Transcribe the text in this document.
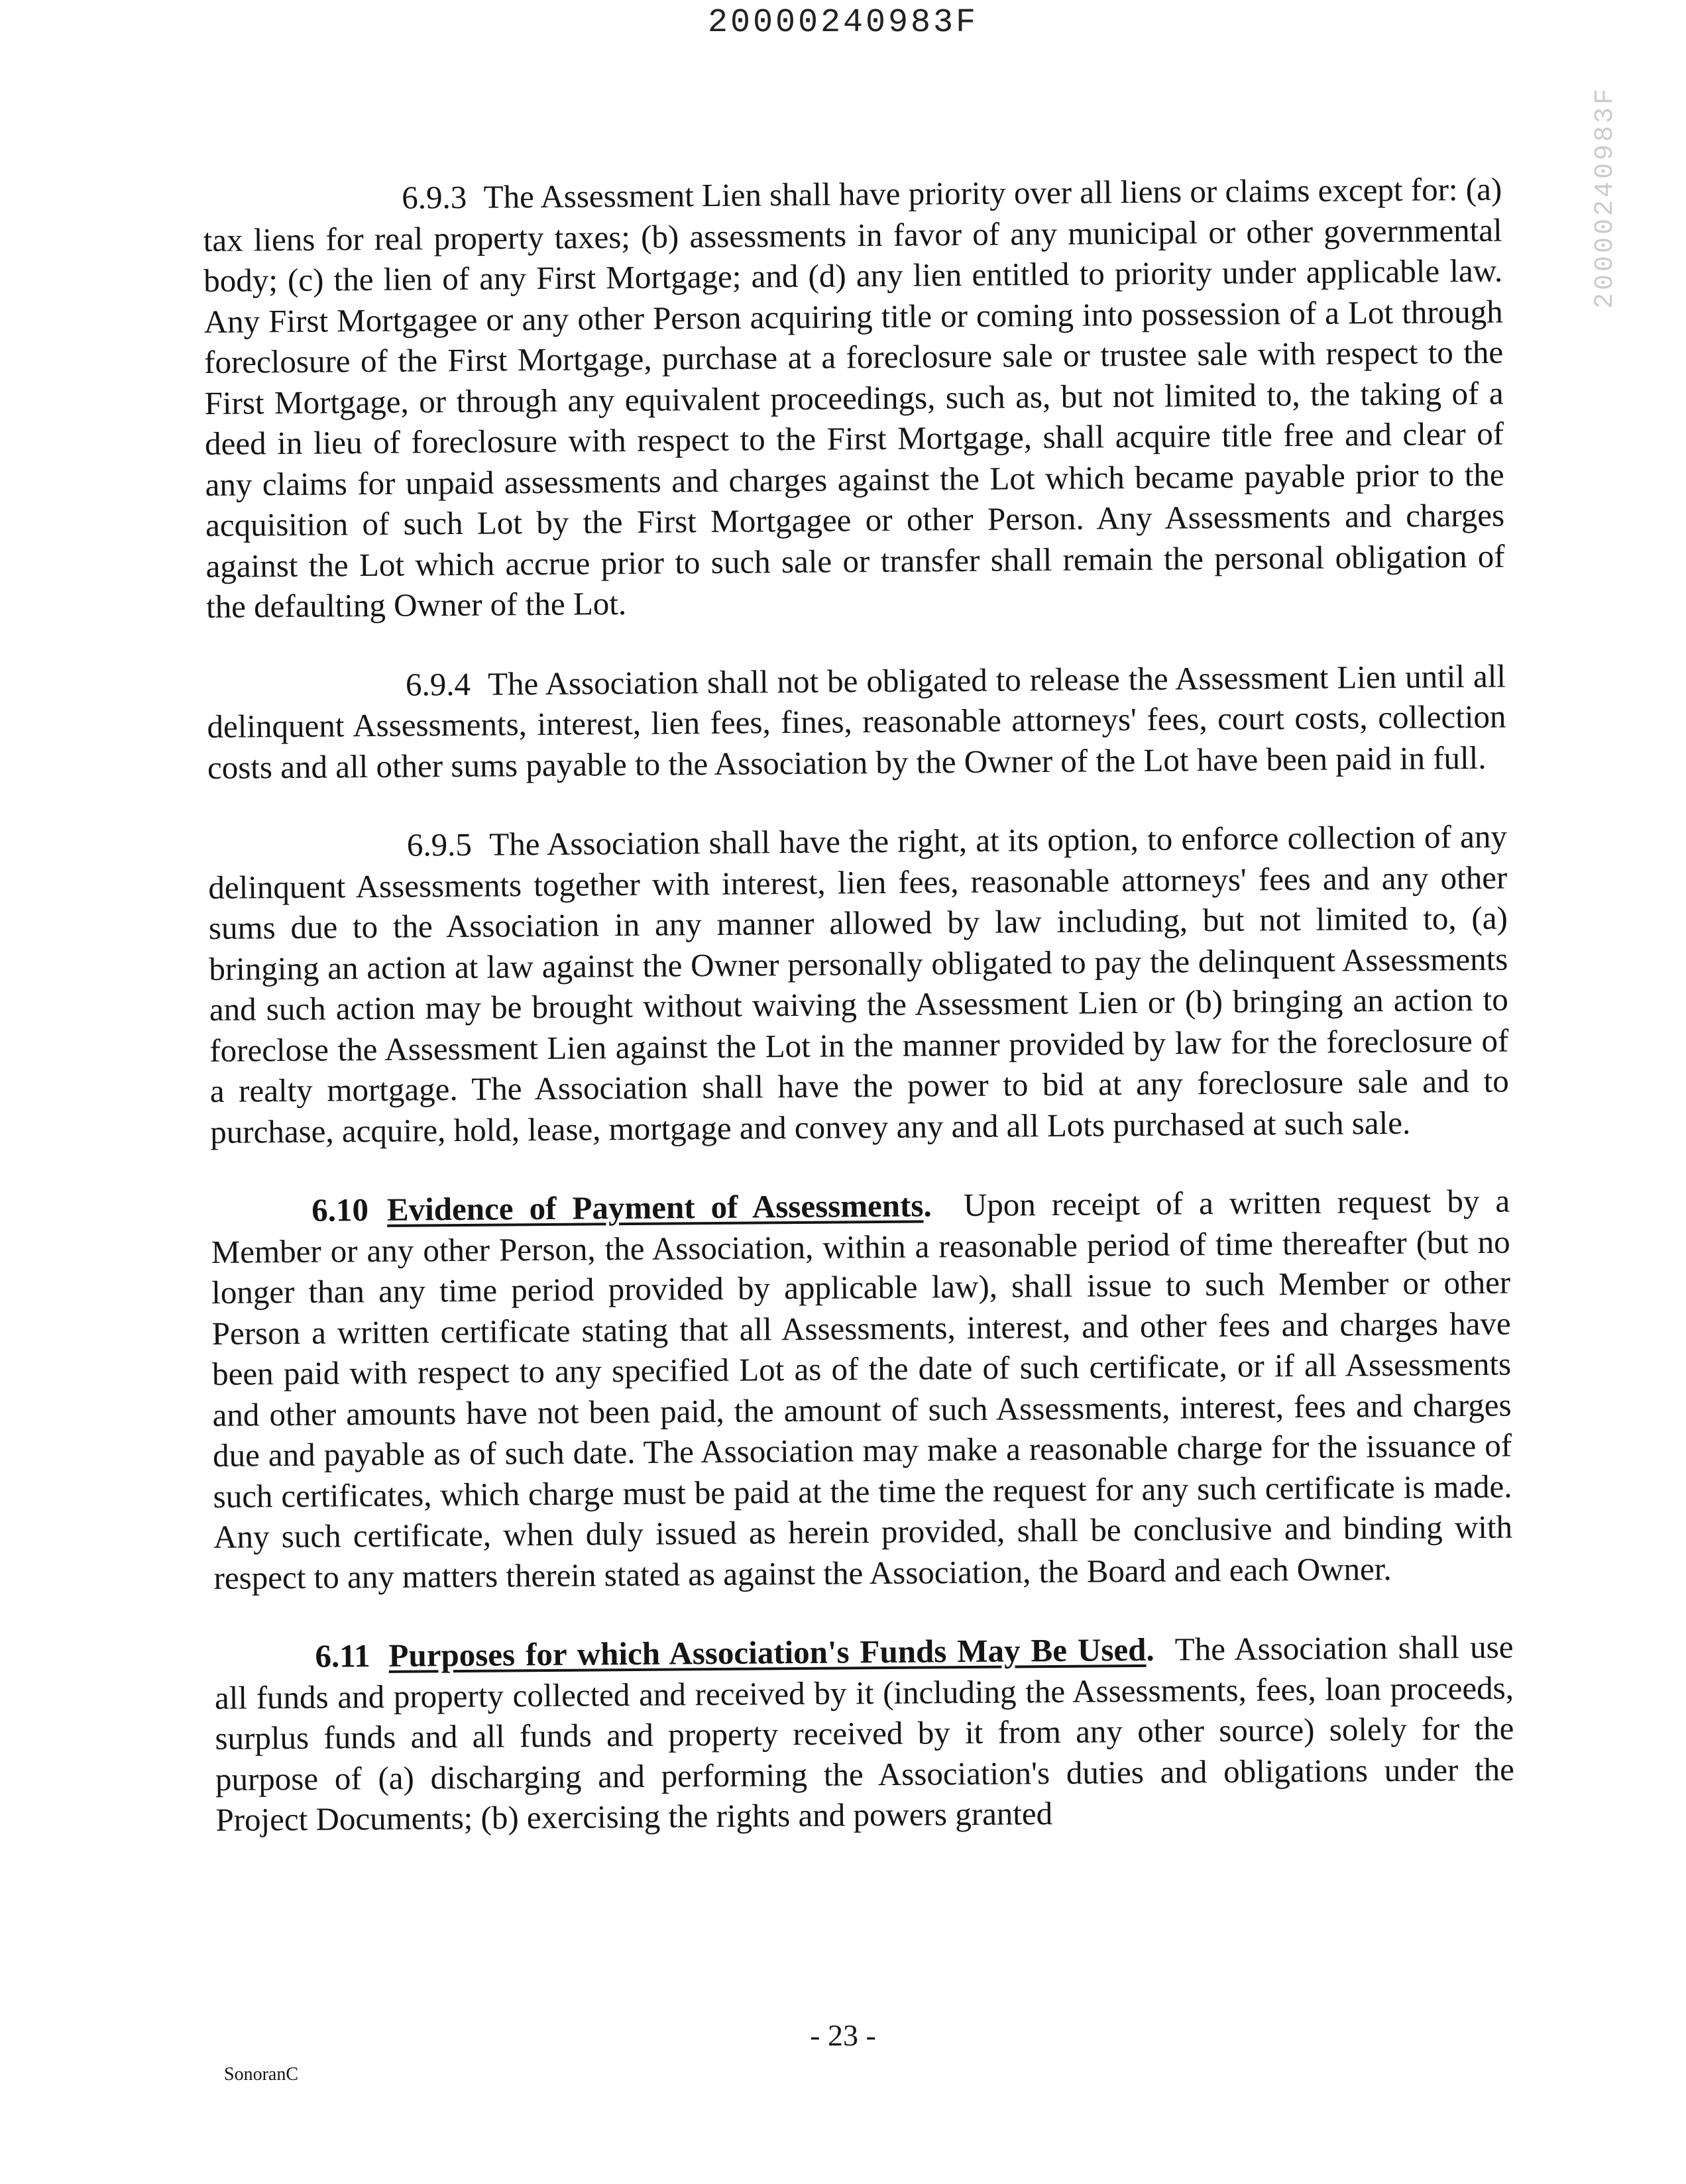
20000240983F
20000240983F

6.9.3 The Assessment Lien shall have priority over all liens or claims except for: (a) tax liens for real property taxes; (b) assessments in favor of any municipal or other governmental body; (c) the lien of any First Mortgage; and (d) any lien entitled to priority under applicable law. Any First Mortgagee or any other Person acquiring title or coming into possession of a Lot through foreclosure of the First Mortgage, purchase at a foreclosure sale or trustee sale with respect to the First Mortgage, or through any equivalent proceedings, such as, but not limited to, the taking of a deed in lieu of foreclosure with respect to the First Mortgage, shall acquire title free and clear of any claims for unpaid assessments and charges against the Lot which became payable prior to the acquisition of such Lot by the First Mortgagee or other Person. Any Assessments and charges against the Lot which accrue prior to such sale or transfer shall remain the personal obligation of the defaulting Owner of the Lot.

6.9.4 The Association shall not be obligated to release the Assessment Lien until all delinquent Assessments, interest, lien fees, fines, reasonable attorneys' fees, court costs, collection costs and all other sums payable to the Association by the Owner of the Lot have been paid in full.

6.9.5 The Association shall have the right, at its option, to enforce collection of any delinquent Assessments together with interest, lien fees, reasonable attorneys' fees and any other sums due to the Association in any manner allowed by law including, but not limited to, (a) bringing an action at law against the Owner personally obligated to pay the delinquent Assessments and such action may be brought without waiving the Assessment Lien or (b) bringing an action to foreclose the Assessment Lien against the Lot in the manner provided by law for the foreclosure of a realty mortgage. The Association shall have the power to bid at any foreclosure sale and to purchase, acquire, hold, lease, mortgage and convey any and all Lots purchased at such sale.

6.10 Evidence of Payment of Assessments. Upon receipt of a written request by a Member or any other Person, the Association, within a reasonable period of time thereafter (but no longer than any time period provided by applicable law), shall issue to such Member or other Person a written certificate stating that all Assessments, interest, and other fees and charges have been paid with respect to any specified Lot as of the date of such certificate, or if all Assessments and other amounts have not been paid, the amount of such Assessments, interest, fees and charges due and payable as of such date. The Association may make a reasonable charge for the issuance of such certificates, which charge must be paid at the time the request for any such certificate is made. Any such certificate, when duly issued as herein provided, shall be conclusive and binding with respect to any matters therein stated as against the Association, the Board and each Owner.

6.11 Purposes for which Association's Funds May Be Used. The Association shall use all funds and property collected and received by it (including the Assessments, fees, loan proceeds, surplus funds and all funds and property received by it from any other source) solely for the purpose of (a) discharging and performing the Association's duties and obligations under the Project Documents; (b) exercising the rights and powers granted

- 23 -
SonoranC
